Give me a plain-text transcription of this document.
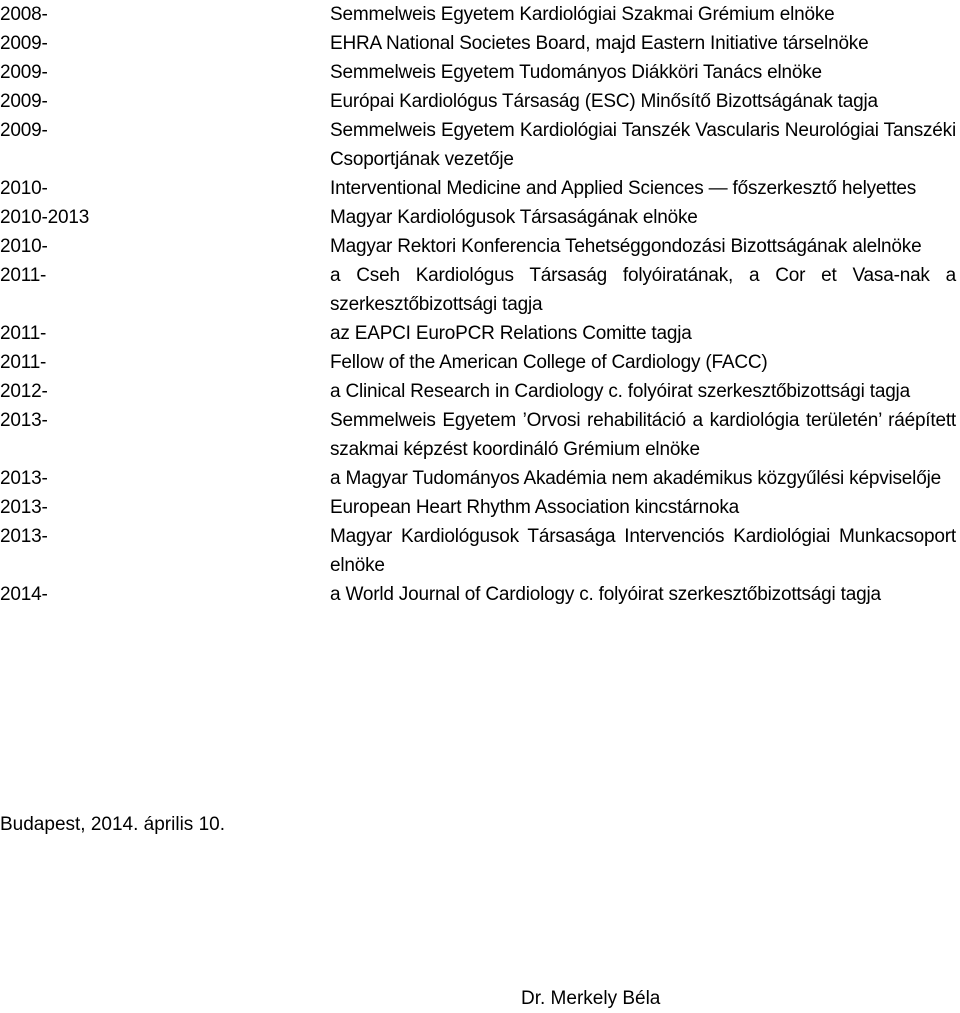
2008-	Semmelweis Egyetem Kardiológiai Szakmai Grémium elnöke
2009-	EHRA National Societes Board, majd Eastern Initiative társelnöke
2009-	Semmelweis Egyetem Tudományos Diákköri Tanács elnöke
2009-	Európai Kardiológus Társaság (ESC) Minősítő Bizottságának tagja
2009-	Semmelweis Egyetem Kardiológiai Tanszék Vascularis Neurológiai Tanszéki Csoportjának vezetője
2010-	Interventional Medicine and Applied Sciences — főszerkesztő helyettes
2010-2013	Magyar Kardiológusok Társaságának elnöke
2010-	Magyar Rektori Konferencia Tehetséggondozási Bizottságának alelnöke
2011-	a Cseh Kardiológus Társaság folyóiratának, a Cor et Vasa-nak a szerkesztőbizottsági tagja
2011-	az EAPCI EuroPCR Relations Comitte tagja
2011-	Fellow of the American College of Cardiology (FACC)
2012-	a Clinical Research in Cardiology c. folyóirat szerkesztőbizottsági tagja
2013-	Semmelweis Egyetem ’Orvosi rehabilitáció a kardiológia területén’ ráépített szakmai képzést koordináló Grémium elnöke
2013-	a Magyar Tudományos Akadémia nem akadémikus közgyűlési képviselője
2013-	European Heart Rhythm Association kincstárnoka
2013-	Magyar Kardiológusok Társasága Intervenciós Kardiológiai Munkacsoport elnöke
2014-	a World Journal of Cardiology c. folyóirat szerkesztőbizottsági tagja
Budapest, 2014. április 10.
Dr. Merkely Béla
